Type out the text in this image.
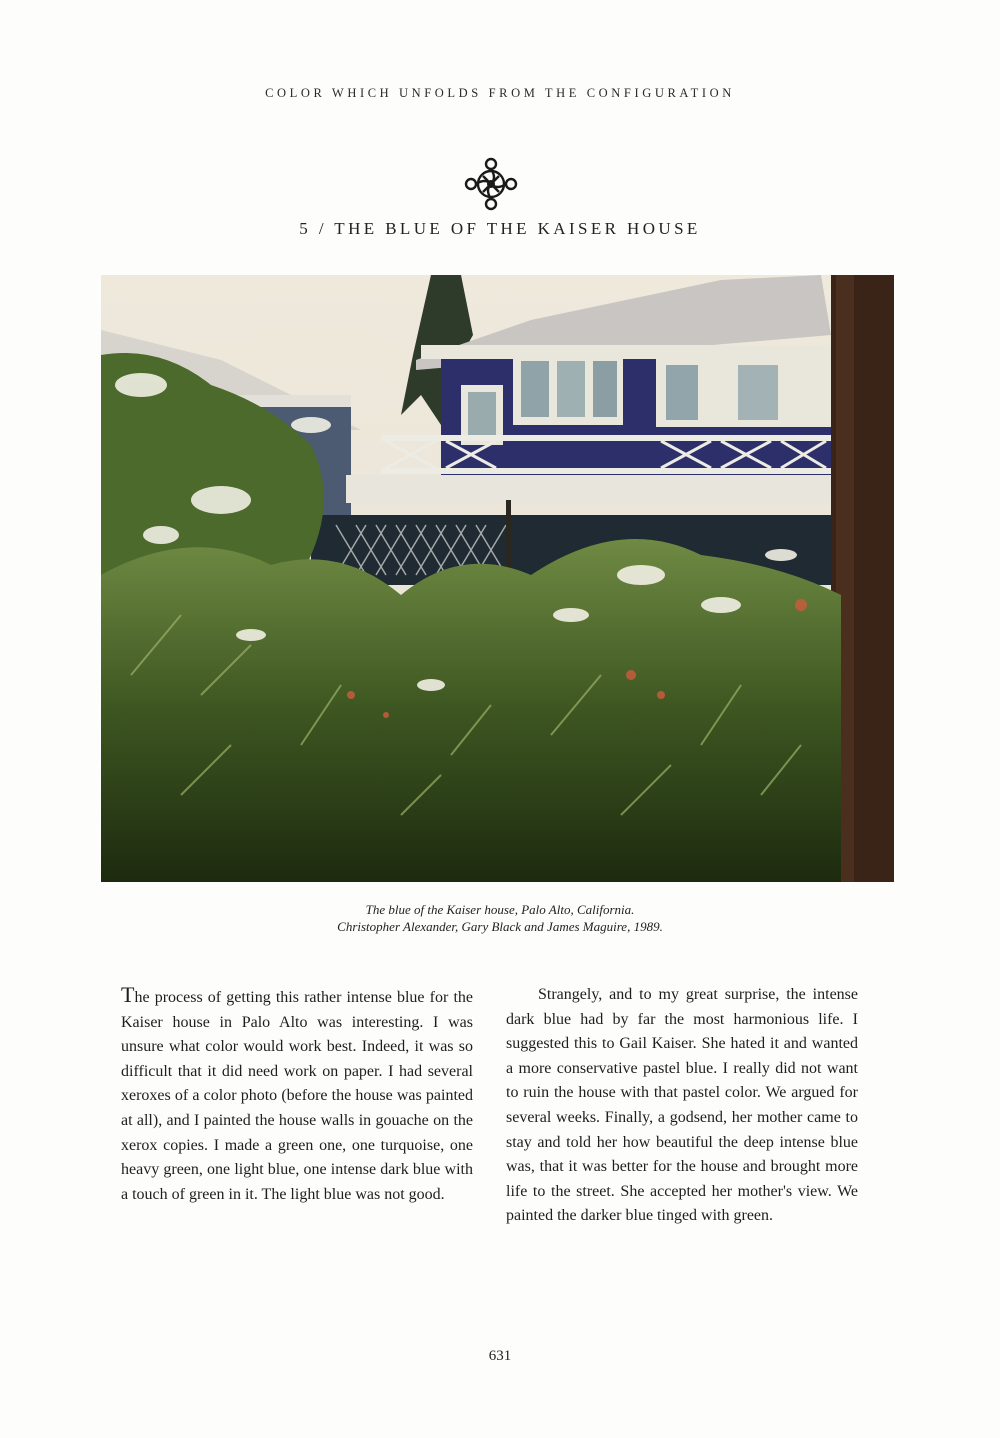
COLOR WHICH UNFOLDS FROM THE CONFIGURATION
5 / THE BLUE OF THE KAISER HOUSE
The blue of the Kaiser house, Palo Alto, California.
Christopher Alexander, Gary Black and James Maguire, 1989.
The process of getting this rather intense blue for the Kaiser house in Palo Alto was interesting. I was unsure what color would work best. Indeed, it was so difficult that it did need work on paper. I had several xeroxes of a color photo (before the house was painted at all), and I painted the house walls in gouache on the xerox copies. I made a green one, one turquoise, one heavy green, one light blue, one intense dark blue with a touch of green in it. The light blue was not good.
Strangely, and to my great surprise, the intense dark blue had by far the most harmonious life. I suggested this to Gail Kaiser. She hated it and wanted a more conservative pastel blue. I really did not want to ruin the house with that pastel color. We argued for several weeks. Finally, a godsend, her mother came to stay and told her how beautiful the deep intense blue was, that it was better for the house and brought more life to the street. She accepted her mother's view. We painted the darker blue tinged with green.
631
